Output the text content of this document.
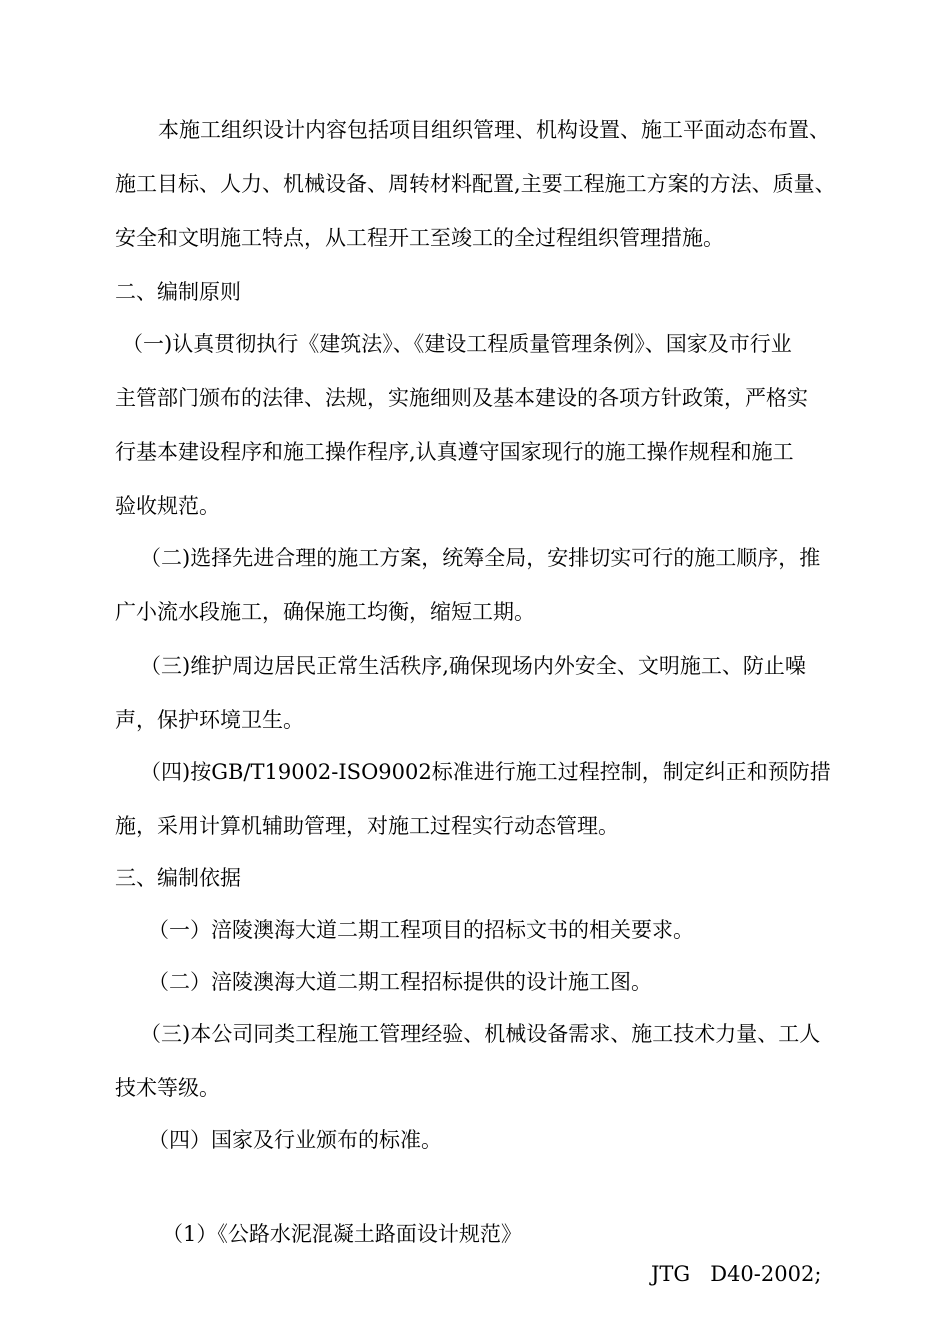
本施工组织设计内容包括项目组织管理、机构设置、施工平面动态布置、
施工目标、人力、机械设备、周转材料配置,主要工程施工方案的方法、质量、
安全和文明施工特点，从工程开工至竣工的全过程组织管理措施。
二、编制原则
（一)认真贯彻执行《建筑法》、《建设工程质量管理条例》、国家及市行业
主管部门颁布的法律、法规，实施细则及基本建设的各项方针政策，严格实
行基本建设程序和施工操作程序,认真遵守国家现行的施工操作规程和施工
验收规范。
（二)选择先进合理的施工方案，统筹全局，安排切实可行的施工顺序，推
广小流水段施工，确保施工均衡，缩短工期。
（三)维护周边居民正常生活秩序,确保现场内外安全、文明施工、防止噪
声，保护环境卫生。
（四)按GB/T19002-ISO9002标准进行施工过程控制，制定纠正和预防措
施，采用计算机辅助管理，对施工过程实行动态管理。
三、编制依据
（一）涪陵澳海大道二期工程项目的招标文书的相关要求。
（二）涪陵澳海大道二期工程招标提供的设计施工图。
（三)本公司同类工程施工管理经验、机械设备需求、施工技术力量、工人
技术等级。
（四）国家及行业颁布的标准。

（1）《公路水泥混凝土路面设计规范》

JTG   D40-2002;
